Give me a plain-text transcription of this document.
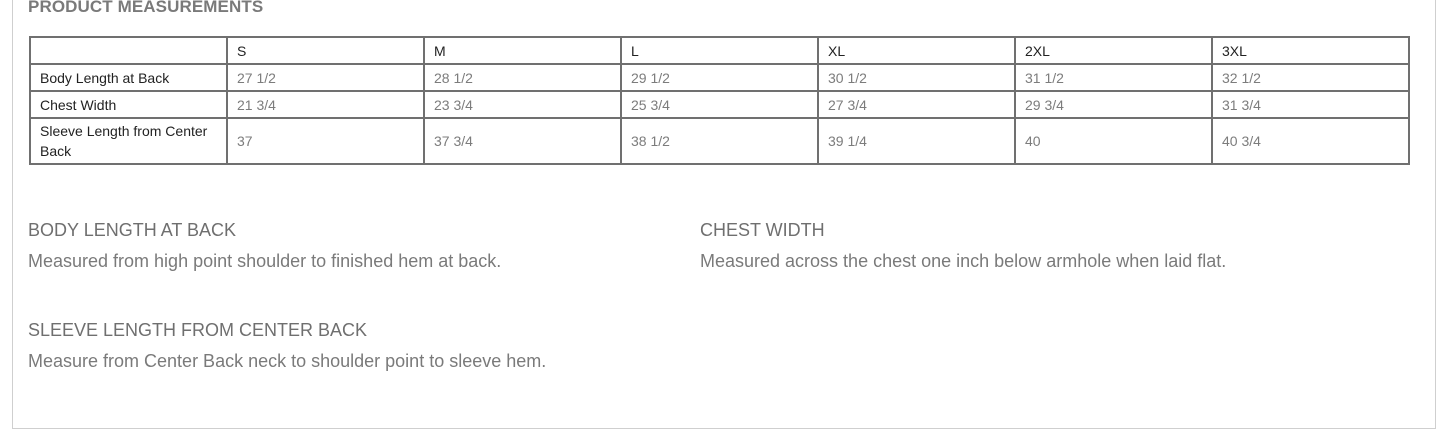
PRODUCT MEASUREMENTS
	S	M	L	XL	2XL	3XL
Body Length at Back	27 1/2	28 1/2	29 1/2	30 1/2	31 1/2	32 1/2
Chest Width	21 3/4	23 3/4	25 3/4	27 3/4	29 3/4	31 3/4
Sleeve Length from Center Back	37	37 3/4	38 1/2	39 1/4	40	40 3/4
BODY LENGTH AT BACK

Measured from high point shoulder to finished hem at back.

CHEST WIDTH

Measured across the chest one inch below armhole when laid flat.

SLEEVE LENGTH FROM CENTER BACK

Measure from Center Back neck to shoulder point to sleeve hem.
